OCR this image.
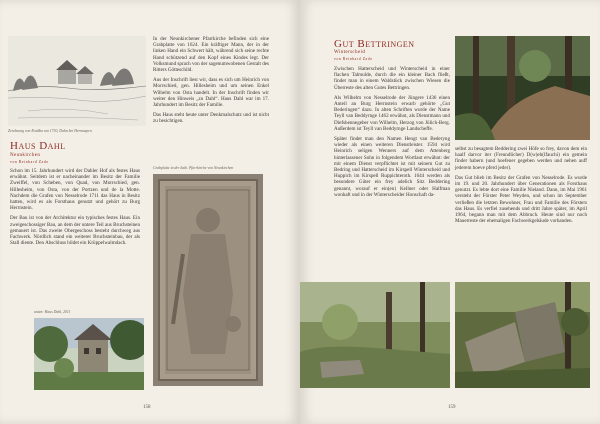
Zeichnung von Roidkin um 1730, Dahn bei Hermaspen
Haus Dahl
Neunkirchen
von Reinhard Zado

Schon im 15. Jahrhundert wird der Dahler Hof als festes Haus erwähnt. Seitdem ist er nacheinander im Besitz der Familie Zweiffel, von Scheben, von Quad, von Morrschied, gen. Hillesheim, von Osta, von der Portzen und de la Motte. Nachdem die Grafen von Nesselrode 1711 das Haus in Besitz hatten, wird es als Forsthaus genutzt und gehört zu Burg Herrnstein.

Der Bau ist von der Architektur ein typisches festes Haus. Ein zweigeschossiger Bau, an dem der untere Teil aus Bruchsteinen gemauert ist. Das zweite Obergeschoss besteht durchweg aus Fachwerk. Nördlich stand ein weiterer Bruchsteinbau, der als Stall diente. Den Abschluss bildet ein Krüppelwalmdach.

unten: Haus Dahl, 2011

In der Neunkirchener Pfarrkirche befinden sich eine Grabplatte von 1624. Ein kräftiger Mann, der in der linken Hand ein Schwert hält, während sich seine rechte Hand schützend auf den Kopf eines Kindes legt. Der Volksmund sprach von der sagenumwobenen Gestalt des Ritters Götteschild.

Aus der Inschrift liest wir, dass es sich um Heinrich von Morrschied, gen. Hillesheim und um seinen Enkel Wilhelm von Osta handelt. In der Inschrift finden wir weiter den Hinweis „zu Dahl“. Haus Dahl war im 17. Jahrhundert im Besitz der Familie.

Das Haus steht heute unter Denkmalschutz und ist nicht zu besichtigen.

Grabplatte in der kath. Pfarrkirche von Neunkirchen
158
Gut Bettringen
Winterscheid
von Reinhard Zado

Zwischen Hatterscheid und Winterscheid in einer flachen Talmulde, durch die ein kleiner Bach fließt, findet man in einem Waldstück zwischen Wiesen die Überreste des alten Gutes Bettringen.

Als Wilhelm von Nesselrode der Jüngere 1436 einen Anteil an Burg Herrnstein erwarb gehörte „Gut Bederingen“ dazu. In alten Schriften wurde der Name Teyll van Beddyrnge 1462 erwähnt, als Dienstmann und Diefshennegeber von Wilhelm, Herzog von Jülich-Berg. Außerdem ist Teyll van Beddyrnge Landscheffe.

Später findet man den Namen Hengt van Bederyng wieder als einen weiteren Dienstleister. 1594 wird Heinrich seligen Wenners auf dem Attenberg hinterlassener Sohn in folgendem Wortlaut erwähnt: der mit einem Dienst verpflichtet ist mit seinem Gut zu Bedring und Hatterscheid im Kirspell Winterscheid und Huppich im Kirspell Ruppichteroth. 1644 werden als besondere Güter ein frey adelich Sitz Beddering genannt, worauf er ein(en) Kellner oder Halfman wonhaft und in der Winterscheider Honschaft da-

selbst zu besagtem Beddering zwei Höfe so frey, davon dem ein haalf darvor iter (Freundlicher) D(w)eh(lfauchi) ein gemein finder habern (und hoefener gegeben werden und nehen auff jederem hoeve pferd jeder).

Das Gut blieb im Besitz der Grafen von Nesselrode. Es wurde im 19. und 20. Jahrhundert über Generationen als Forsthaus genutzt. Es lebte dort eine Familie Nieland. Dann, im Mai 1961 versteht der Förster Peter Weyden, und schon im September verließen die letzten Bewohner, Frau und Familie des Försters das Haus. Es verfiel zusehends und dritt Jahre später, im April 1964, begann man mit dem Abbruch. Heute sind nur noch Mauerreste der ehemaligen Fachwerkgebäude vorhanden.

159
